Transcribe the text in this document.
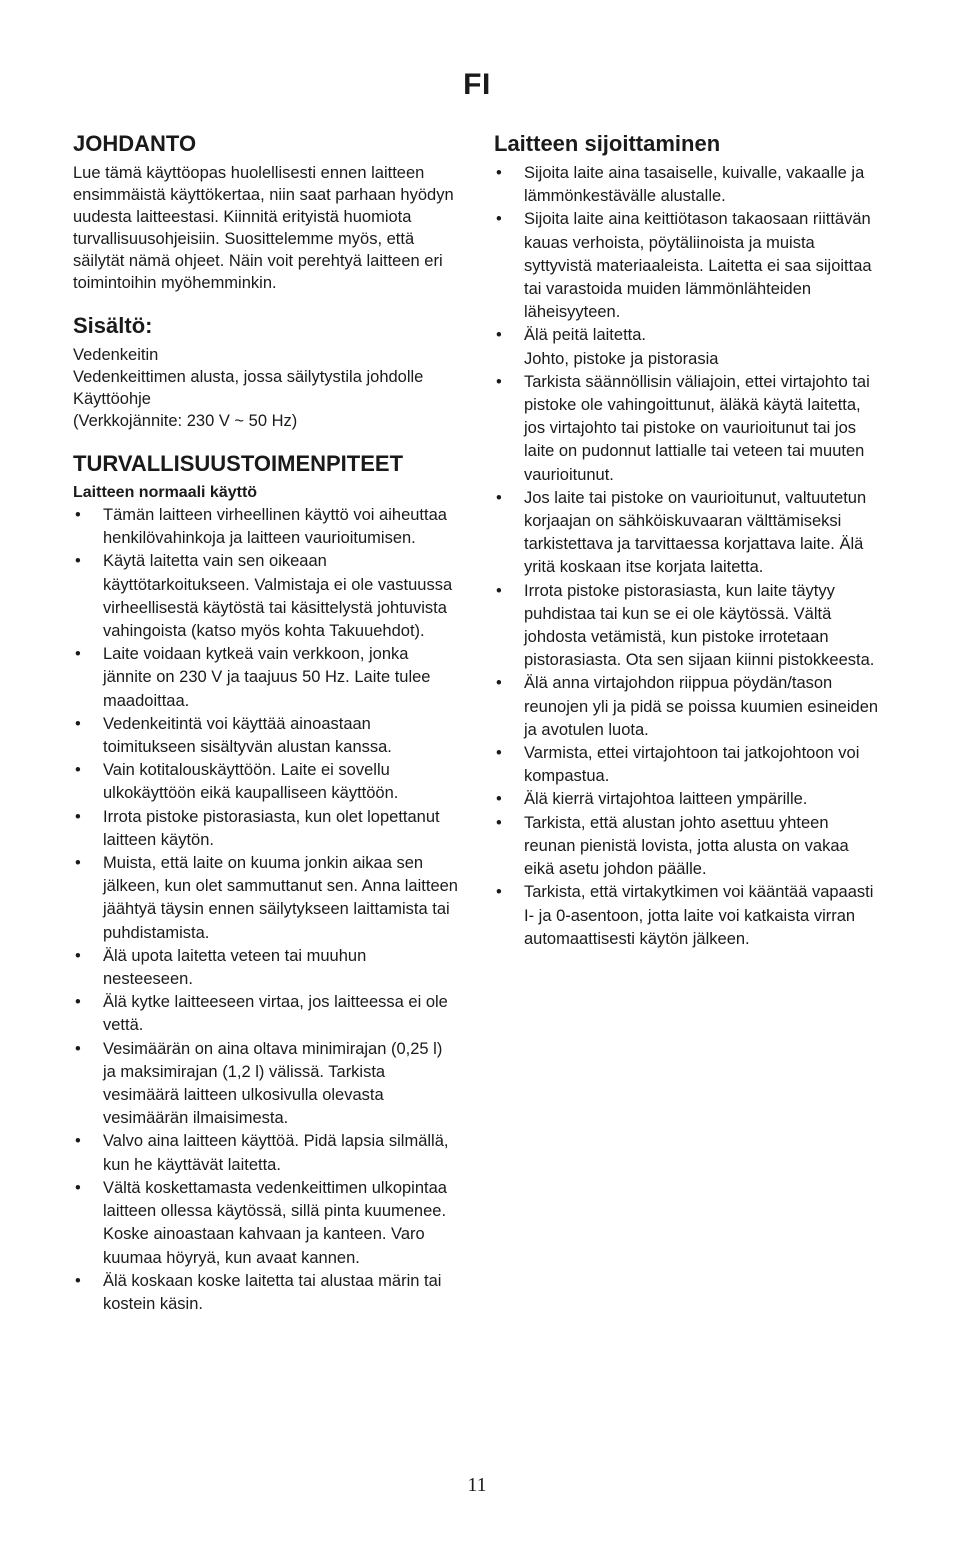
FI
JOHDANTO

Lue tämä käyttöopas huolellisesti ennen laitteen ensimmäistä käyttökertaa, niin saat parhaan hyödyn uudesta laitteestasi. Kiinnitä erityistä huomiota turvallisuusohjeisiin. Suosittelemme myös, että säilytät nämä ohjeet. Näin voit perehtyä laitteen eri toimintoihin myöhemminkin.

Sisältö:
Vedenkeitin
Vedenkeittimen alusta, jossa säilytystila johdolle
Käyttöohje
(Verkkojännite: 230 V ~ 50 Hz)
TURVALLISUUSTOIMENPITEET
Laitteen normaali käyttö
• Tämän laitteen virheellinen käyttö voi aiheuttaa henkilövahinkoja ja laitteen vaurioitumisen.
• Käytä laitetta vain sen oikeaan käyttötarkoitukseen. Valmistaja ei ole vastuussa virheellisestä käytöstä tai käsittelystä johtuvista vahingoista (katso myös kohta Takuuehdot).
• Laite voidaan kytkeä vain verkkoon, jonka jännite on 230 V ja taajuus 50 Hz. Laite tulee maadoittaa.
• Vedenkeitintä voi käyttää ainoastaan toimitukseen sisältyvän alustan kanssa.
• Vain kotitalouskäyttöön. Laite ei sovellu ulkokäyttöön eikä kaupalliseen käyttöön.
• Irrota pistoke pistorasiasta, kun olet lopettanut laitteen käytön.
• Muista, että laite on kuuma jonkin aikaa sen jälkeen, kun olet sammuttanut sen. Anna laitteen jäähtyä täysin ennen säilytykseen laittamista tai puhdistamista.
• Älä upota laitetta veteen tai muuhun nesteeseen.
• Älä kytke laitteeseen virtaa, jos laitteessa ei ole vettä.
• Vesimäärän on aina oltava minimirajan (0,25 l) ja maksimirajan (1,2 l) välissä. Tarkista vesimäärä laitteen ulkosivulla olevasta vesimäärän ilmaisimesta.
• Valvo aina laitteen käyttöä. Pidä lapsia silmällä, kun he käyttävät laitetta.
• Vältä koskettamasta vedenkeittimen ulkopintaa laitteen ollessa käytössä, sillä pinta kuumenee. Koske ainoastaan kahvaan ja kanteen. Varo kuumaa höyryä, kun avaat kannen.
• Älä koskaan koske laitetta tai alustaa märin tai kostein käsin.
Laitteen sijoittaminen
• Sijoita laite aina tasaiselle, kuivalle, vakaalle ja lämmönkestävälle alustalle.
• Sijoita laite aina keittiötason takaosaan riittävän kauas verhoista, pöytäliinoista ja muista syttyvistä materiaaleista. Laitetta ei saa sijoittaa tai varastoida muiden lämmönlähteiden läheisyyteen.
• Älä peitä laitetta.
Johto, pistoke ja pistorasia
• Tarkista säännöllisin väliajoin, ettei virtajohto tai pistoke ole vahingoittunut, äläkä käytä laitetta, jos virtajohto tai pistoke on vaurioitunut tai jos laite on pudonnut lattialle tai veteen tai muuten vaurioitunut.
• Jos laite tai pistoke on vaurioitunut, valtuutetun korjaajan on sähköiskuvaaran välttämiseksi tarkistettava ja tarvittaessa korjattava laite. Älä yritä koskaan itse korjata laitetta.
• Irrota pistoke pistorasiasta, kun laite täytyy puhdistaa tai kun se ei ole käytössä. Vältä johdosta vetämistä, kun pistoke irrotetaan pistorasiasta. Ota sen sijaan kiinni pistokkeesta.
• Älä anna virtajohdon riippua pöydän/tason reunojen yli ja pidä se poissa kuumien esineiden ja avotulen luota.
• Varmista, ettei virtajohtoon tai jatkojohtoon voi kompastua.
• Älä kierrä virtajohtoa laitteen ympärille.
• Tarkista, että alustan johto asettuu yhteen reunan pienistä lovista, jotta alusta on vakaa eikä asetu johdon päälle.
• Tarkista, että virtakytkimen voi kääntää vapaasti I- ja 0-asentoon, jotta laite voi katkaista virran automaattisesti käytön jälkeen.
11
